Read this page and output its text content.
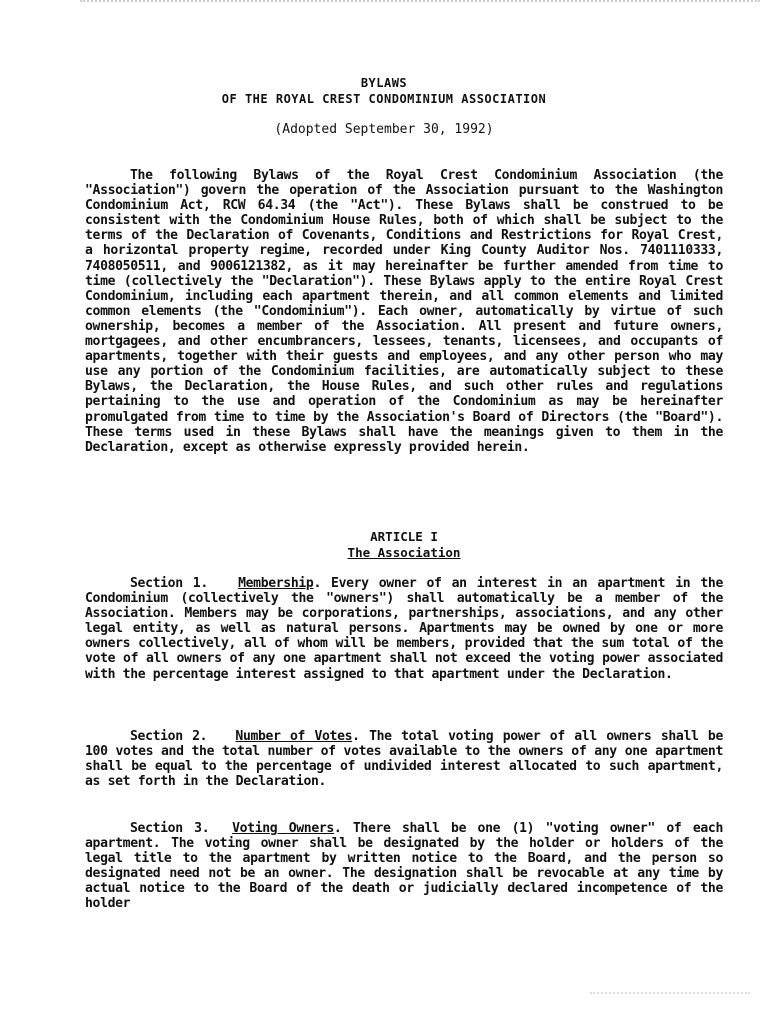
BYLAWS
OF THE ROYAL CREST CONDOMINIUM ASSOCIATION
(Adopted September 30, 1992)

The following Bylaws of the Royal Crest Condominium Association (the "Association") govern the operation of the Association pursuant to the Washington Condominium Act, RCW 64.34 (the "Act"). These Bylaws shall be construed to be consistent with the Condominium House Rules, both of which shall be subject to the terms of the Declaration of Covenants, Conditions and Restrictions for Royal Crest, a horizontal property regime, recorded under King County Auditor Nos. 7401110333, 7408050511, and 9006121382, as it may hereinafter be further amended from time to time (collectively the "Declaration"). These Bylaws apply to the entire Royal Crest Condominium, including each apartment therein, and all common elements and limited common elements (the "Condominium"). Each owner, automatically by virtue of such ownership, becomes a member of the Association. All present and future owners, mortgagees, and other encumbrancers, lessees, tenants, licensees, and occupants of apartments, together with their guests and employees, and any other person who may use any portion of the Condominium facilities, are automatically subject to these Bylaws, the Declaration, the House Rules, and such other rules and regulations pertaining to the use and operation of the Condominium as may be hereinafter promulgated from time to time by the Association's Board of Directors (the "Board"). These terms used in these Bylaws shall have the meanings given to them in the Declaration, except as otherwise expressly provided herein.

ARTICLE I
The Association

Section 1. Membership. Every owner of an interest in an apartment in the Condominium (collectively the "owners") shall automatically be a member of the Association. Members may be corporations, partnerships, associations, and any other legal entity, as well as natural persons. Apartments may be owned by one or more owners collectively, all of whom will be members, provided that the sum total of the vote of all owners of any one apartment shall not exceed the voting power associated with the percentage interest assigned to that apartment under the Declaration.

Section 2. Number of Votes. The total voting power of all owners shall be 100 votes and the total number of votes available to the owners of any one apartment shall be equal to the percentage of undivided interest allocated to such apartment, as set forth in the Declaration.

Section 3. Voting Owners. There shall be one (1) "voting owner" of each apartment. The voting owner shall be designated by the holder or holders of the legal title to the apartment by written notice to the Board, and the person so designated need not be an owner. The designation shall be revocable at any time by actual notice to the Board of the death or judicially declared incompetence of the holder
